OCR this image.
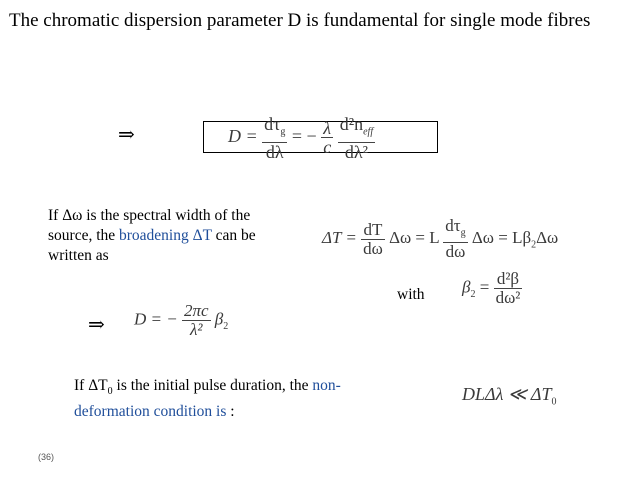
The chromatic dispersion parameter D is fundamental for single mode fibres
⇒	$D = \frac{d\tau_g}{d\lambda}$ = − $\frac{\lambda}{c}$
$\frac{d^2n_{eff}}{\text{dλ²}}$
If Δω is the spectral width of the source, the broadening ΔT can be written as
$\Delta T = \frac{dT}{d\omega}$ Δω = L $\frac{d\tau_g}{d\omega}$ $\Delta\omega = L\beta_2\Delta\omega$
with $\beta_2 = \frac{\text{d²β}}{\text{dω²}}$
⇒ D = − $\frac{2\pi c}{\text{λ²}} \beta_2$
If $\Delta T_0$ is the initial pulse duration, the non-deformation condition is :
DLΔλ ≪ $\Delta T_0$
(36)
